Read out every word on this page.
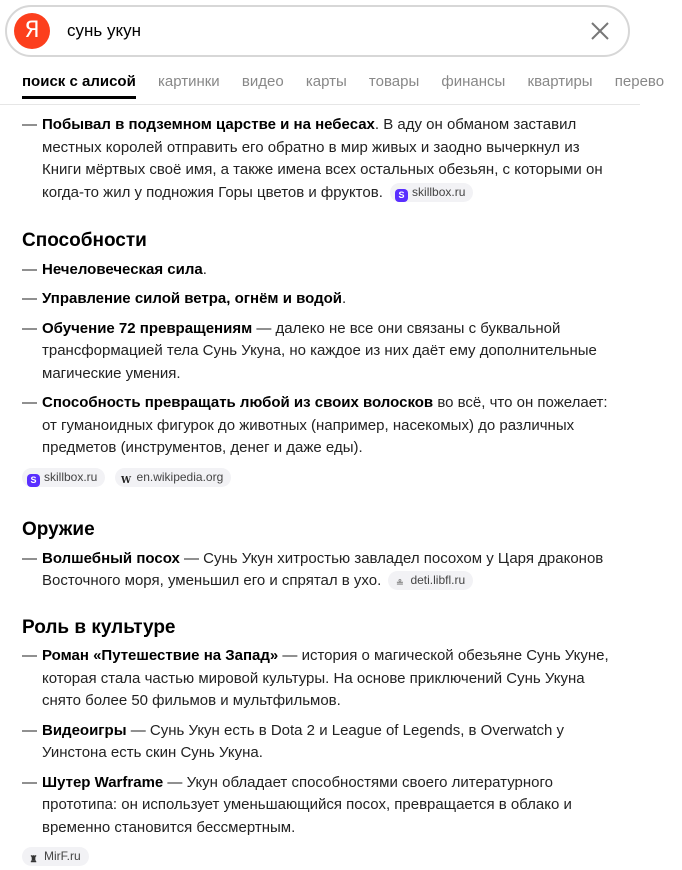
Я	сунь укун
поиск с алисой картинки видео карты товары финансы квартиры перево
— Побывал в подземном царстве и на небесах. В аду он обманом заставил местных королей отправить его обратно в мир живых и заодно вычеркнул из Книги мёртвых своё имя, а также имена всех остальных обезьян, с которыми он когда-то жил у подножия Горы цветов и фруктов. S skillbox.ru
Способности
— Нечеловеческая сила.
— Управление силой ветра, огнём и водой.
— Обучение 72 превращениям — далеко не все они связаны с буквальной трансформацией тела Сунь Укуна, но каждое из них даёт ему дополнительные магические умения.
— Способность превращать любой из своих волосков во всё, что он пожелает: от гуманоидных фигурок до животных (например, насекомых) до различных предметов (инструментов, денег и даже еды).
S skillbox.ru	W en.wikipedia.org
Оружие
— Волшебный посох — Сунь Укун хитростью завладел посохом у Царя драконов Восточного моря, уменьшил его и спрятал в ухо. ≗ deti.libfl.ru
Роль в культуре
— Роман «Путешествие на Запад» — история о магической обезьяне Сунь Укуне, которая стала частью мировой культуры. На основе приключений Сунь Укуна снято более 50 фильмов и мультфильмов.
— Видеоигры — Сунь Укун есть в Dota 2 и League of Legends, в Overwatch у Уинстона есть скин Сунь Укуна.
— Шутер Warframe — Укун обладает способностями своего литературного прототипа: он использует уменьшающийся посох, превращается в облако и временно становится бессмертным.
♜ MirF.ru
